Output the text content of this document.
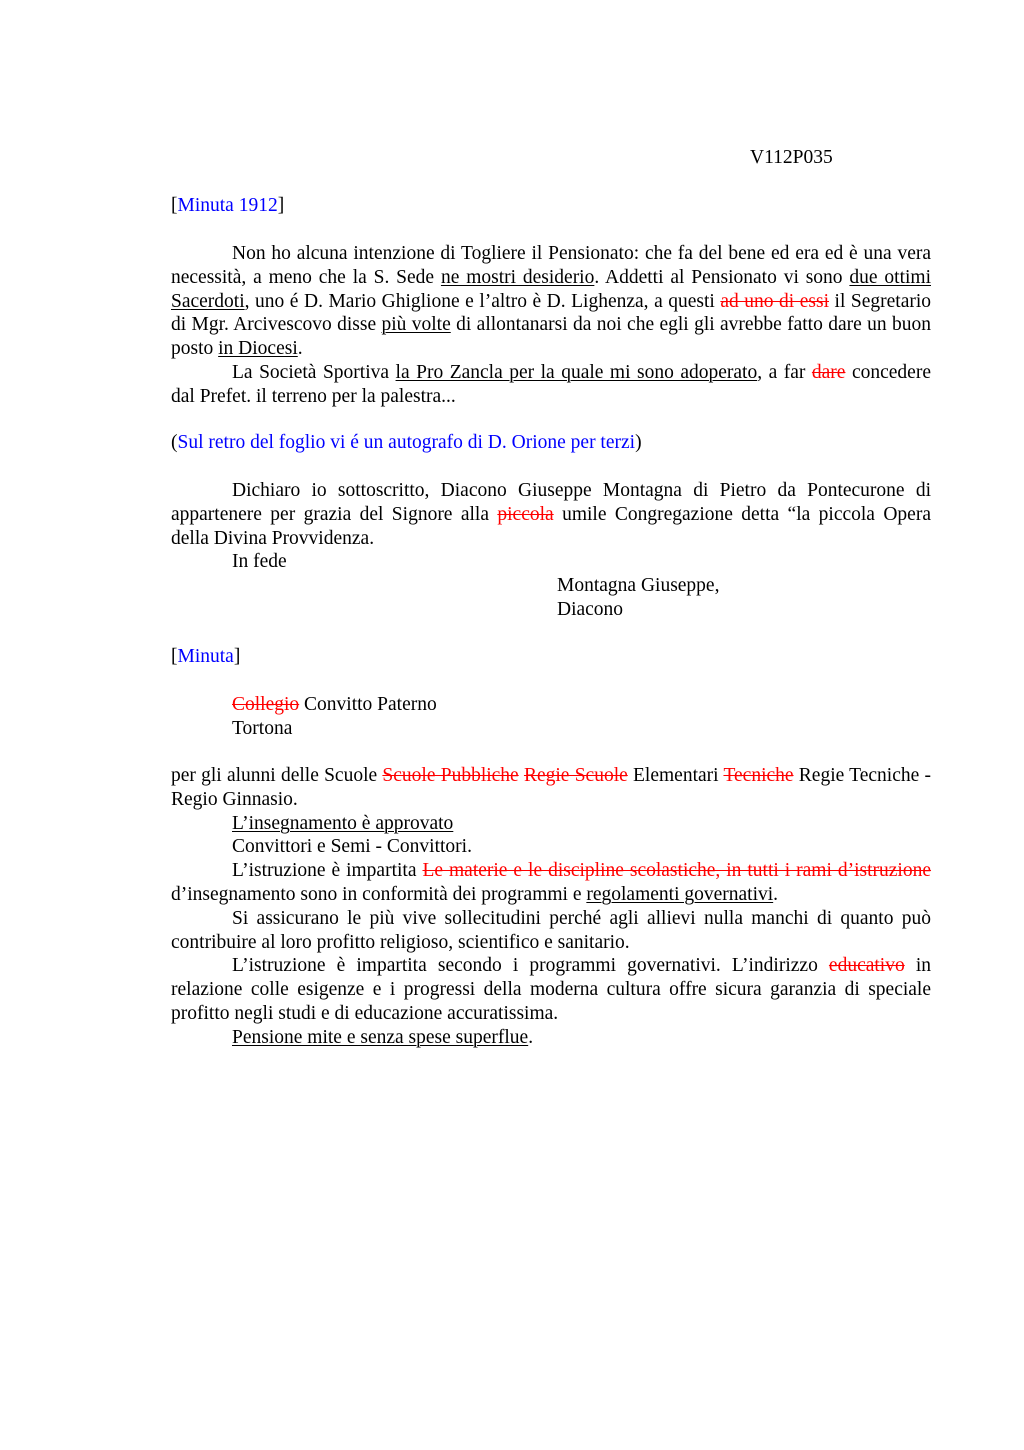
V112P035

[Minuta 1912]

Non ho alcuna intenzione di Togliere il Pensionato: che fa del bene ed era ed è una vera necessità, a meno che la S. Sede ne mostri desiderio. Addetti al Pensionato vi sono due ottimi Sacerdoti, uno é D. Mario Ghiglione e l’altro è D. Lighenza, a questi ad uno di essi il Segretario di Mgr. Arcivescovo disse più volte di allontanarsi da noi che egli gli avrebbe fatto dare un buon posto in Diocesi.

La Società Sportiva la Pro Zancla per la quale mi sono adoperato, a far dare concedere dal Prefet. il terreno per la palestra...

(Sul retro del foglio vi é un autografo di D. Orione per terzi)

Dichiaro io sottoscritto, Diacono Giuseppe Montagna di Pietro da Pontecurone di appartenere per grazia del Signore alla piccola umile Congregazione detta “la piccola Opera della Divina Provvidenza.

In fede

Montagna Giuseppe,

Diacono

[Minuta]

Collegio Convitto Paterno

Tortona

per gli alunni delle Scuole Scuole Pubbliche Regie Scuole Elementari Tecniche Regie Tecniche - Regio Ginnasio.

L’insegnamento è approvato

Convittori e Semi - Convittori.

L’istruzione è impartita Le materie e le discipline scolastiche, in tutti i rami d’istruzione d’insegnamento sono in conformità dei programmi e regolamenti governativi.

Si assicurano le più vive sollecitudini perché agli allievi nulla manchi di quanto può contribuire al loro profitto religioso, scientifico e sanitario.

L’istruzione è impartita secondo i programmi governativi. L’indirizzo educativo in relazione colle esigenze e i progressi della moderna cultura offre sicura garanzia di speciale profitto negli studi e di educazione accuratissima.

Pensione mite e senza spese superflue.
